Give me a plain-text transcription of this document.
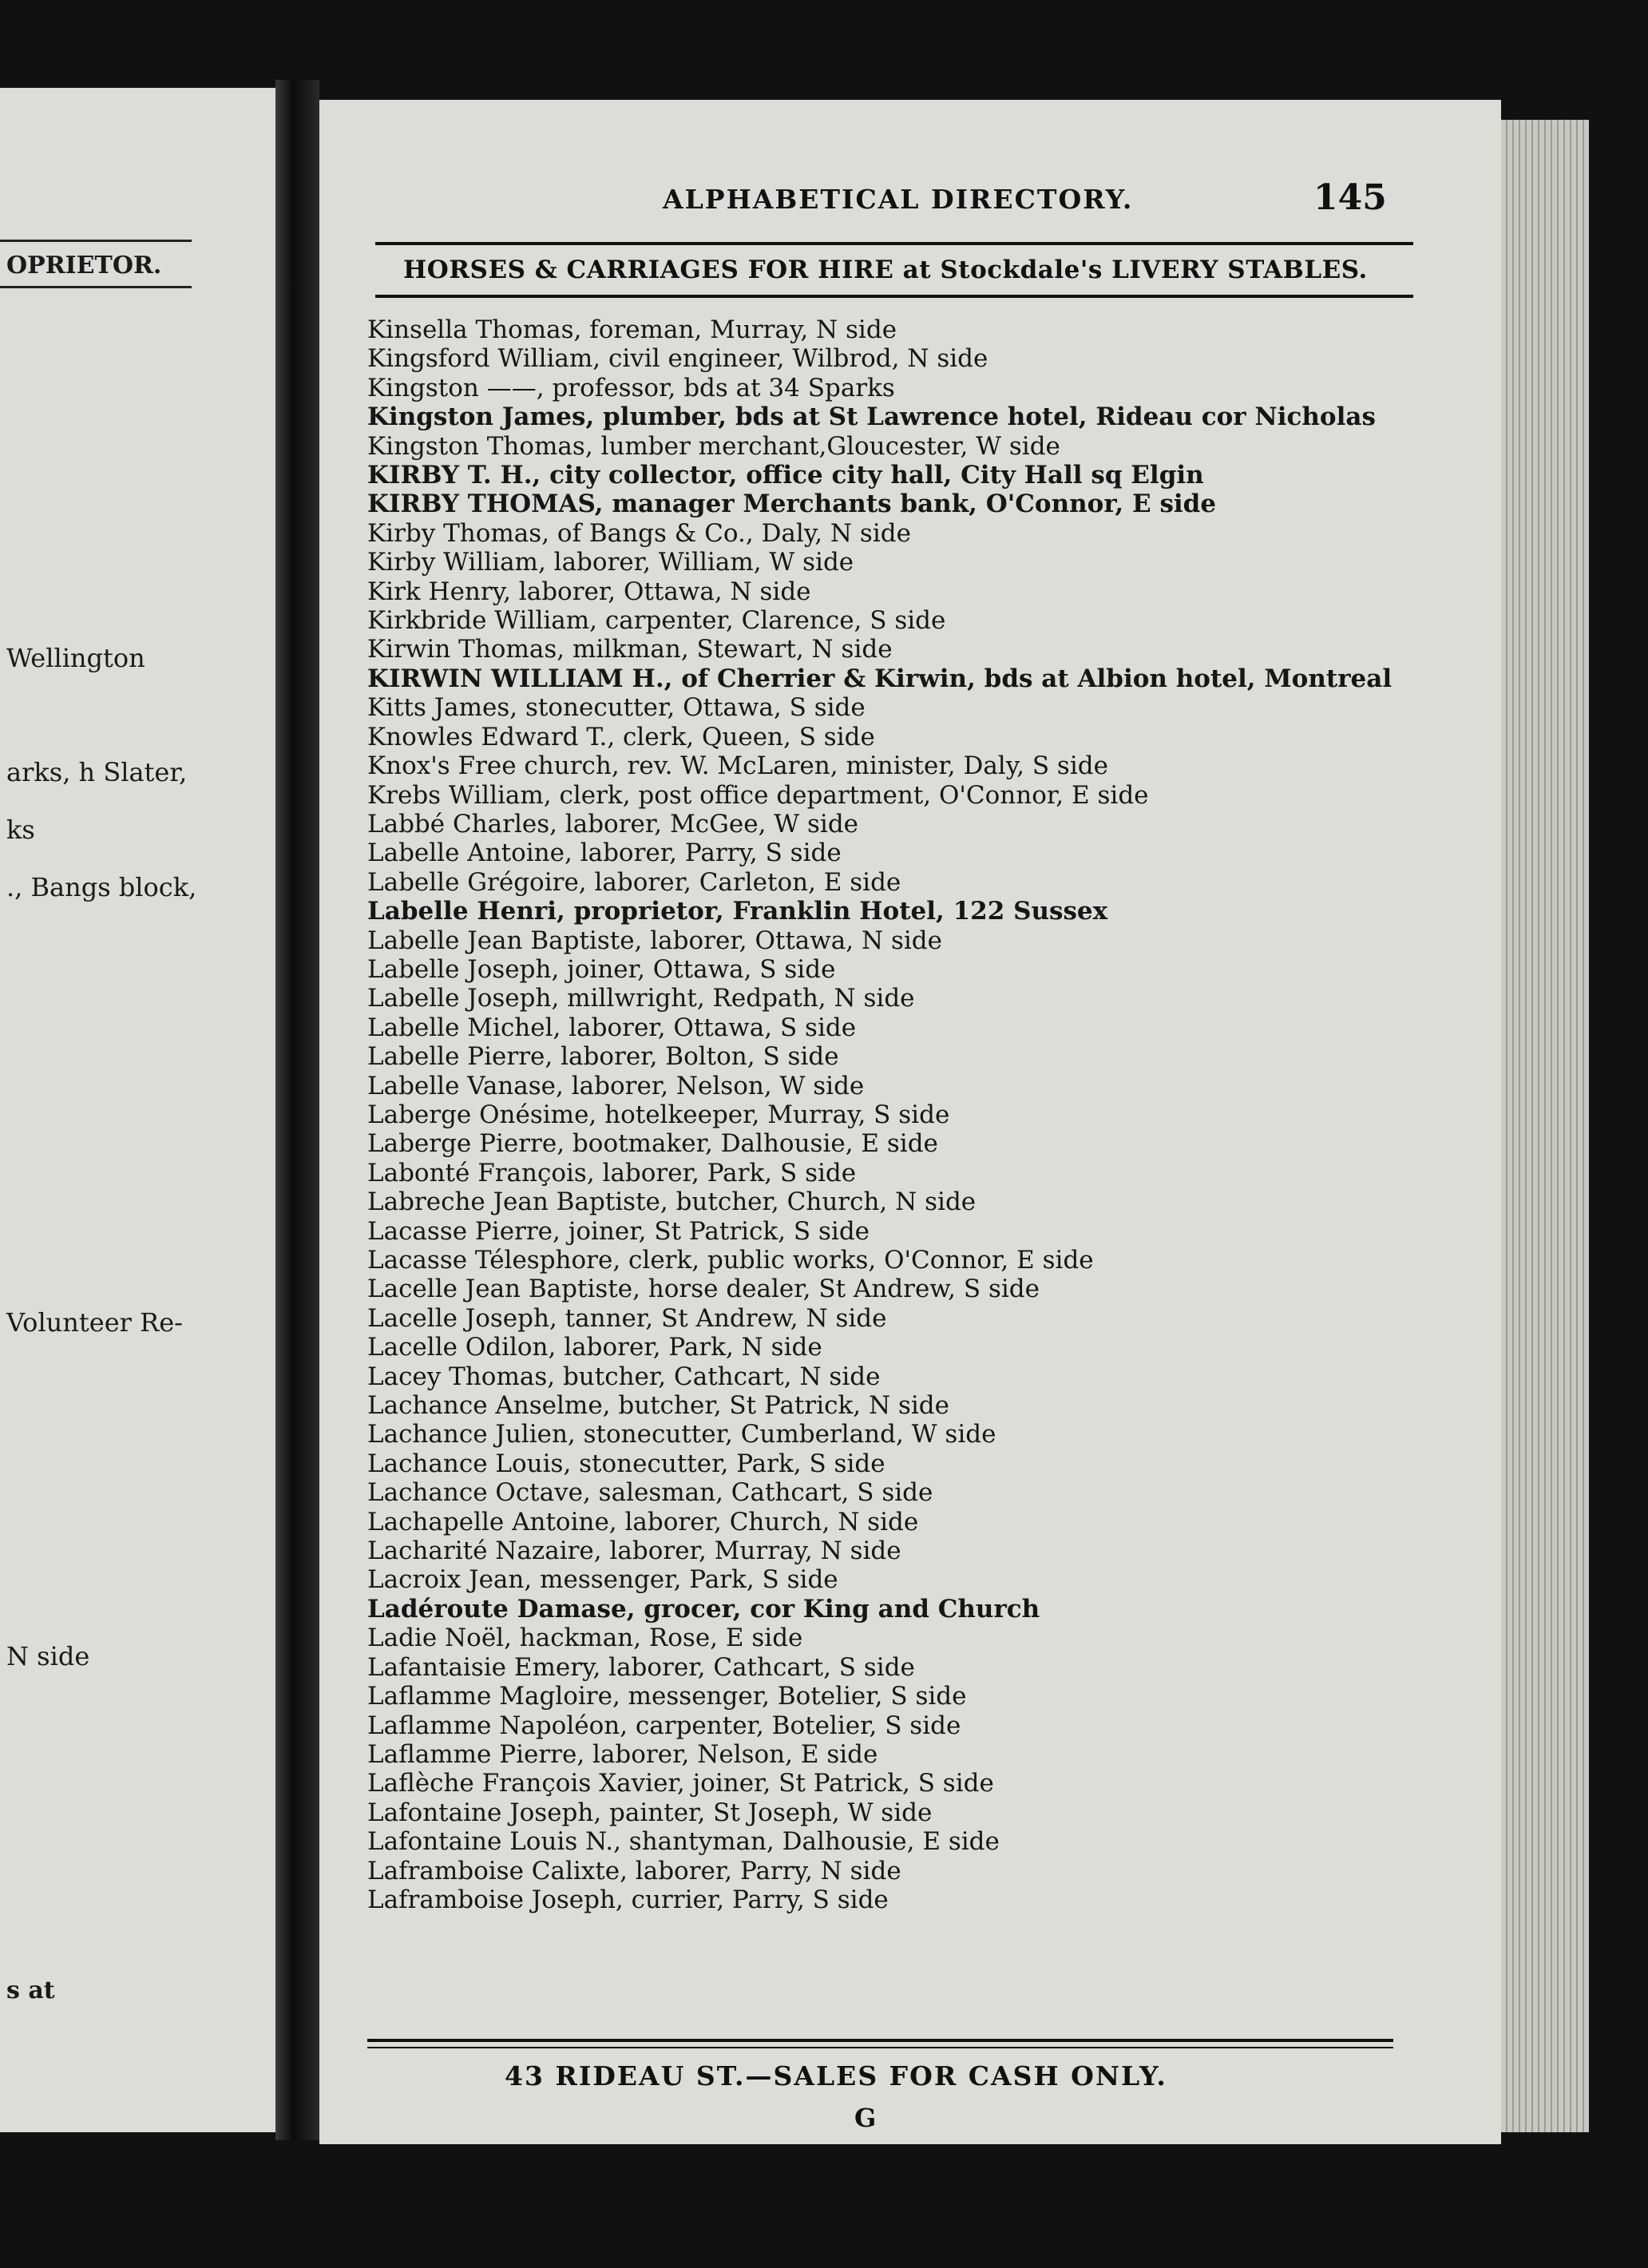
OPRIETOR.
Wellington
arks, h Slater,
ks
., Bangs block,
Volunteer Re-
N side
s at
ALPHABETICAL DIRECTORY.	145
HORSES & CARRIAGES FOR HIRE at Stockdale's LIVERY STABLES.
Kinsella Thomas, foreman, Murray, N side
Kingsford William, civil engineer, Wilbrod, N side
Kingston ——, professor, bds at 34 Sparks
Kingston James, plumber, bds at St Lawrence hotel, Rideau cor Nicholas
Kingston Thomas, lumber merchant,Gloucester, W side
KIRBY T. H., city collector, office city hall, City Hall sq Elgin
KIRBY THOMAS, manager Merchants bank, O'Connor, E side
Kirby Thomas, of Bangs & Co., Daly, N side
Kirby William, laborer, William, W side
Kirk Henry, laborer, Ottawa, N side
Kirkbride William, carpenter, Clarence, S side
Kirwin Thomas, milkman, Stewart, N side
KIRWIN WILLIAM H., of Cherrier & Kirwin, bds at Albion hotel, Montreal
Kitts James, stonecutter, Ottawa, S side
Knowles Edward T., clerk, Queen, S side
Knox's Free church, rev. W. McLaren, minister, Daly, S side
Krebs William, clerk, post office department, O'Connor, E side
Labbé Charles, laborer, McGee, W side
Labelle Antoine, laborer, Parry, S side
Labelle Grégoire, laborer, Carleton, E side
Labelle Henri, proprietor, Franklin Hotel, 122 Sussex
Labelle Jean Baptiste, laborer, Ottawa, N side
Labelle Joseph, joiner, Ottawa, S side
Labelle Joseph, millwright, Redpath, N side
Labelle Michel, laborer, Ottawa, S side
Labelle Pierre, laborer, Bolton, S side
Labelle Vanase, laborer, Nelson, W side
Laberge Onésime, hotelkeeper, Murray, S side
Laberge Pierre, bootmaker, Dalhousie, E side
Labonté François, laborer, Park, S side
Labreche Jean Baptiste, butcher, Church, N side
Lacasse Pierre, joiner, St Patrick, S side
Lacasse Télesphore, clerk, public works, O'Connor, E side
Lacelle Jean Baptiste, horse dealer, St Andrew, S side
Lacelle Joseph, tanner, St Andrew, N side
Lacelle Odilon, laborer, Park, N side
Lacey Thomas, butcher, Cathcart, N side
Lachance Anselme, butcher, St Patrick, N side
Lachance Julien, stonecutter, Cumberland, W side
Lachance Louis, stonecutter, Park, S side
Lachance Octave, salesman, Cathcart, S side
Lachapelle Antoine, laborer, Church, N side
Lacharité Nazaire, laborer, Murray, N side
Lacroix Jean, messenger, Park, S side
Ladéroute Damase, grocer, cor King and Church
Ladie Noël, hackman, Rose, E side
Lafantaisie Emery, laborer, Cathcart, S side
Laflamme Magloire, messenger, Botelier, S side
Laflamme Napoléon, carpenter, Botelier, S side
Laflamme Pierre, laborer, Nelson, E side
Laflèche François Xavier, joiner, St Patrick, S side
Lafontaine Joseph, painter, St Joseph, W side
Lafontaine Louis N., shantyman, Dalhousie, E side
Laframboise Calixte, laborer, Parry, N side
Laframboise Joseph, currier, Parry, S side
43 RIDEAU ST.—SALES FOR CASH ONLY.
G
